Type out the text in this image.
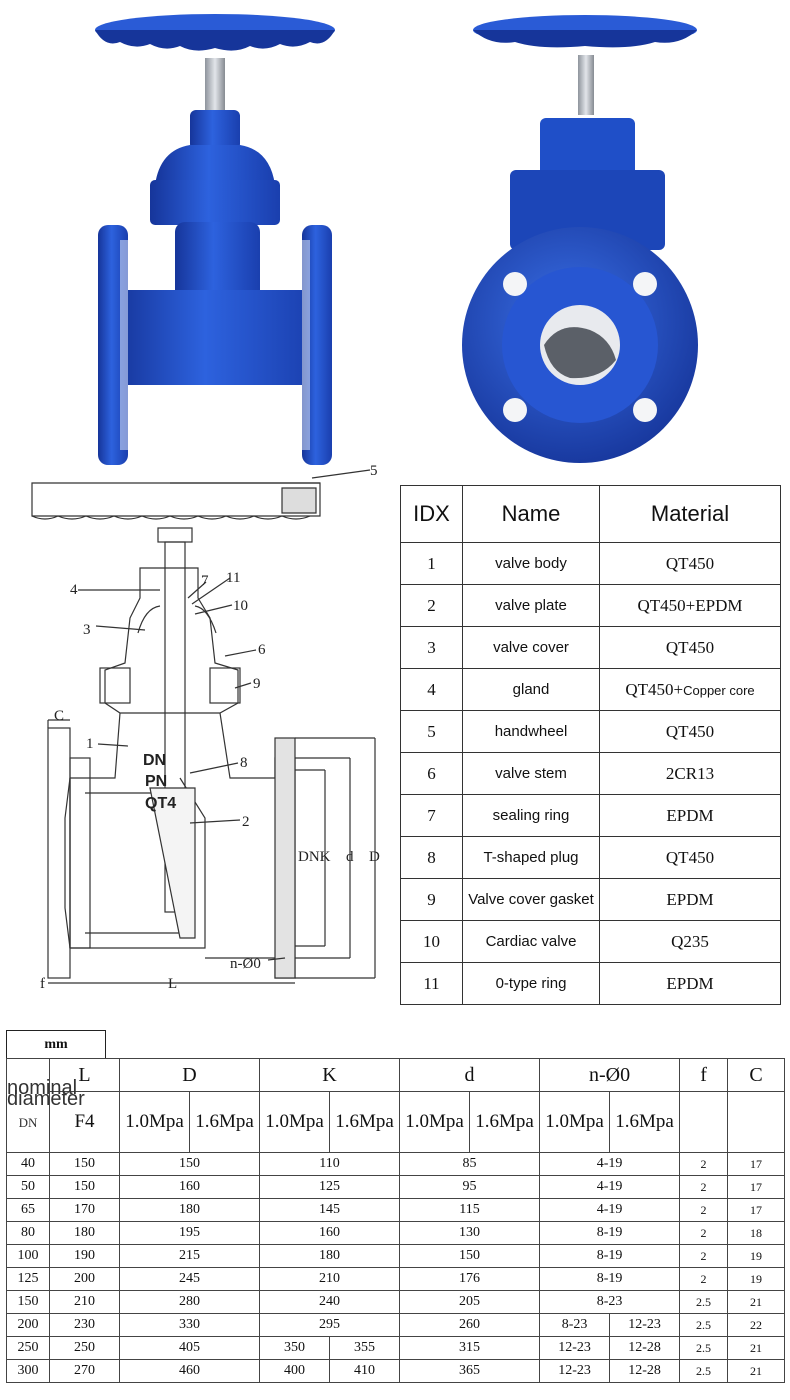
5
4
3
1
7 11
10
6
9
8
2
C
f	L
DNK d D
n-Ø0
DN
PN
QT4
IDX	Name	Material
1	valve body	QT450
2	valve plate	QT450+EPDM
3	valve cover	QT450
4	gland	QT450+Copper core
5	handwheel	QT450
6	valve stem	2CR13
7	sealing ring	EPDM
8	T-shaped plug	QT450
9	Valve cover gasket	EPDM
10	Cardiac valve	Q235
11	0-type ring	EPDM
mm
nominal diameter

DN	L	D		K		d		n-Ø0		f	C
	F4	1.0Mpa	1.6Mpa	1.0Mpa	1.6Mpa	1.0Mpa	1.6Mpa	1.0Mpa	1.6Mpa		
40	150	150		110		85		4-19		2	17
50	150	160		125		95		4-19		2	17
65	170	180		145		115		4-19		2	17
80	180	195		160		130		8-19		2	18
100	190	215		180		150		8-19		2	19
125	200	245		210		176		8-19		2	19
150	210	280		240		205		8-23		2.5	21
200	230	330		295		260		8-23	12-23	2.5	22
250	250	405		350	355	315		12-23	12-28	2.5	21
300	270	460		400	410	365		12-23	12-28	2.5	21
